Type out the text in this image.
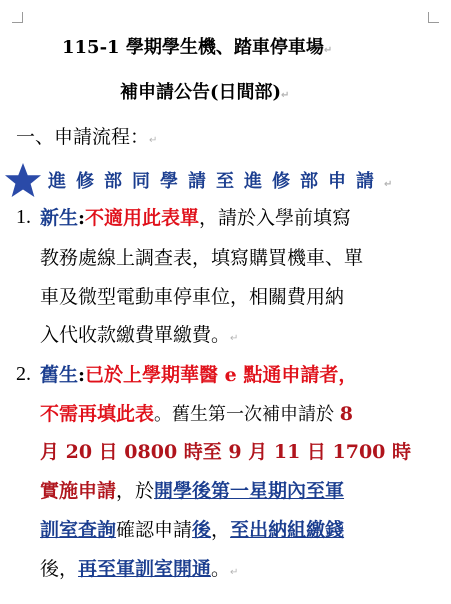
115-1 學期學生機、踏車停車場↵
補申請公告(日間部)↵
一、申請流程：↵
進修部同學請至進修部申請↵
1. 新生:不適用此表單，請於入學前填寫
教務處線上調查表，填寫購買機車、單
車及微型電動車停車位，相關費用納
入代收款繳費單繳費。↵
2. 舊生:已於上學期華醫 e 點通申請者，
不需再填此表。舊生第一次補申請於 8
月 20 日 0800 時至 9 月 11 日 1700 時
實施申請，於開學後第一星期內至軍
訓室查詢確認申請後，至出納組繳錢
後，再至軍訓室開通。↵
